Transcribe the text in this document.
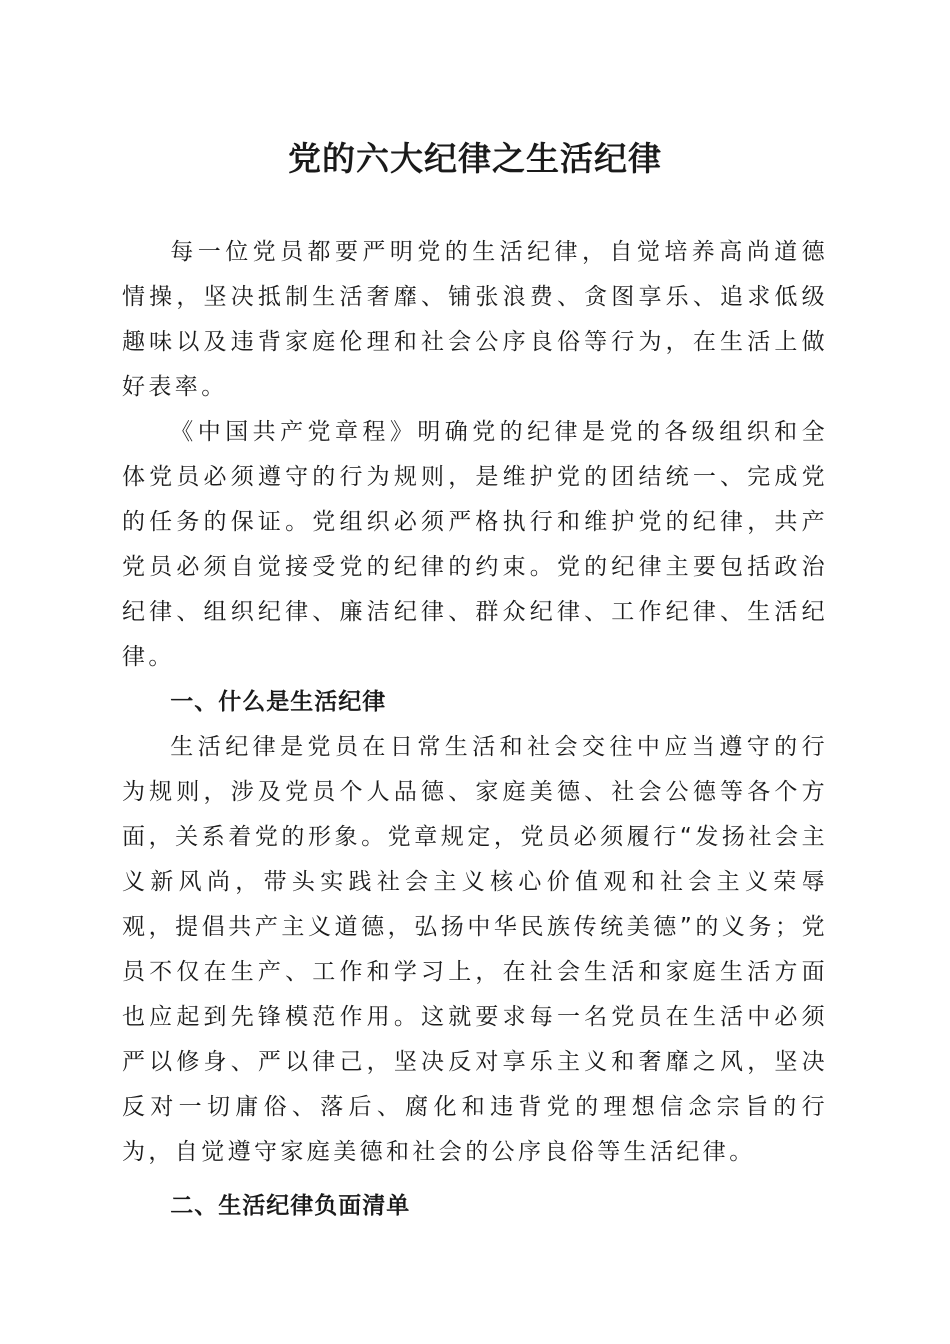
党的六大纪律之生活纪律

每一位党员都要严明党的生活纪律，自觉培养高尚道德情操，坚决抵制生活奢靡、铺张浪费、贪图享乐、追求低级趣味以及违背家庭伦理和社会公序良俗等行为，在生活上做好表率。

《中国共产党章程》明确党的纪律是党的各级组织和全体党员必须遵守的行为规则，是维护党的团结统一、完成党的任务的保证。党组织必须严格执行和维护党的纪律，共产党员必须自觉接受党的纪律的约束。党的纪律主要包括政治纪律、组织纪律、廉洁纪律、群众纪律、工作纪律、生活纪律。

一、什么是生活纪律

生活纪律是党员在日常生活和社会交往中应当遵守的行为规则，涉及党员个人品德、家庭美德、社会公德等各个方面，关系着党的形象。党章规定，党员必须履行“发扬社会主义新风尚，带头实践社会主义核心价值观和社会主义荣辱观，提倡共产主义道德，弘扬中华民族传统美德”的义务；党员不仅在生产、工作和学习上，在社会生活和家庭生活方面也应起到先锋模范作用。这就要求每一名党员在生活中必须严以修身、严以律己，坚决反对享乐主义和奢靡之风，坚决反对一切庸俗、落后、腐化和违背党的理想信念宗旨的行为，自觉遵守家庭美德和社会的公序良俗等生活纪律。

二、生活纪律负面清单
